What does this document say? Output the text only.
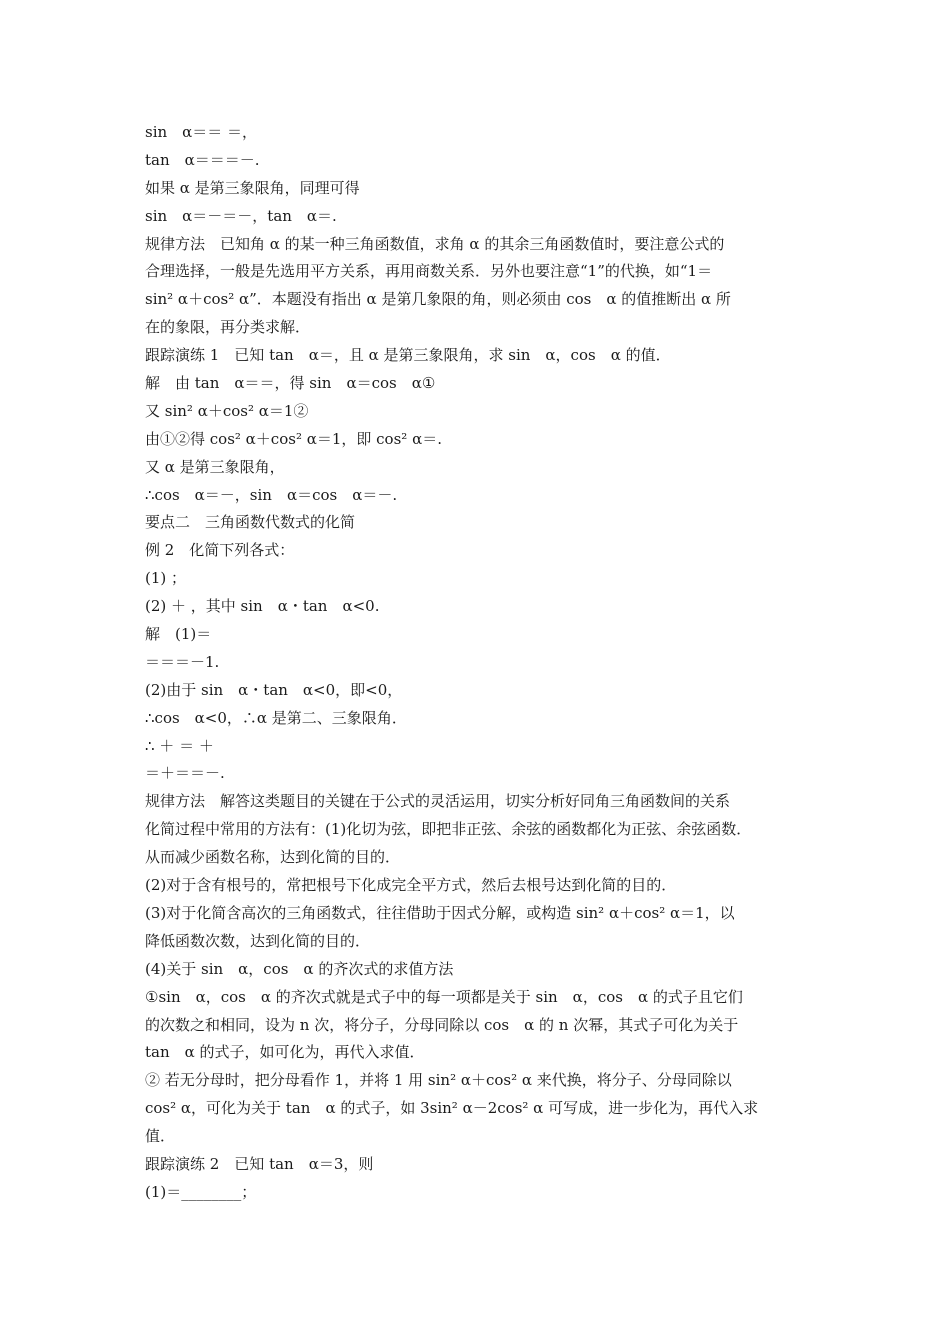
sin　α＝＝ ＝，
tan　α＝＝＝－.
如果 α 是第三象限角，同理可得
sin　α＝－＝－，tan　α＝.
规律方法　已知角 α 的某一种三角函数值，求角 α 的其余三角函数值时，要注意公式的
合理选择，一般是先选用平方关系，再用商数关系．另外也要注意“1”的代换，如“1＝
sin² α＋cos² α”．本题没有指出 α 是第几象限的角，则必须由 cos　α 的值推断出 α 所
在的象限，再分类求解．
跟踪演练 1　已知 tan　α＝，且 α 是第三象限角，求 sin　α，cos　α 的值．
解　由 tan　α＝＝，得 sin　α＝cos　α①
又 sin² α＋cos² α＝1②
由①②得 cos² α＋cos² α＝1，即 cos² α＝.
又 α 是第三象限角，
∴cos　α＝－，sin　α＝cos　α＝－.
要点二　三角函数代数式的化简
例 2　化简下列各式：
(1) ；
(2) ＋ ，其中 sin　α・tan　α<0.
解　(1)＝
＝＝＝－1.
(2)由于 sin　α・tan　α<0，即<0，
∴cos　α<0，∴α 是第二、三象限角．
∴ ＋ ＝ ＋
＝＋＝＝－.
规律方法　解答这类题目的关键在于公式的灵活运用，切实分析好同角三角函数间的关系
化简过程中常用的方法有：(1)化切为弦，即把非正弦、余弦的函数都化为正弦、余弦函数．
从而减少函数名称，达到化简的目的．
(2)对于含有根号的，常把根号下化成完全平方式，然后去根号达到化简的目的．
(3)对于化简含高次的三角函数式，往往借助于因式分解，或构造 sin² α＋cos² α＝1，以
降低函数次数，达到化简的目的．
(4)关于 sin　α，cos　α 的齐次式的求值方法
①sin　α，cos　α 的齐次式就是式子中的每一项都是关于 sin　α，cos　α 的式子且它们
的次数之和相同，设为 n 次，将分子，分母同除以 cos　α 的 n 次幂，其式子可化为关于
tan　α 的式子，如可化为，再代入求值．
② 若无分母时，把分母看作 1，并将 1 用 sin² α＋cos² α 来代换，将分子、分母同除以
cos² α，可化为关于 tan　α 的式子，如 3sin² α－2cos² α 可写成，进一步化为，再代入求
值．
跟踪演练 2　已知 tan　α＝3，则
(1)＝________；
